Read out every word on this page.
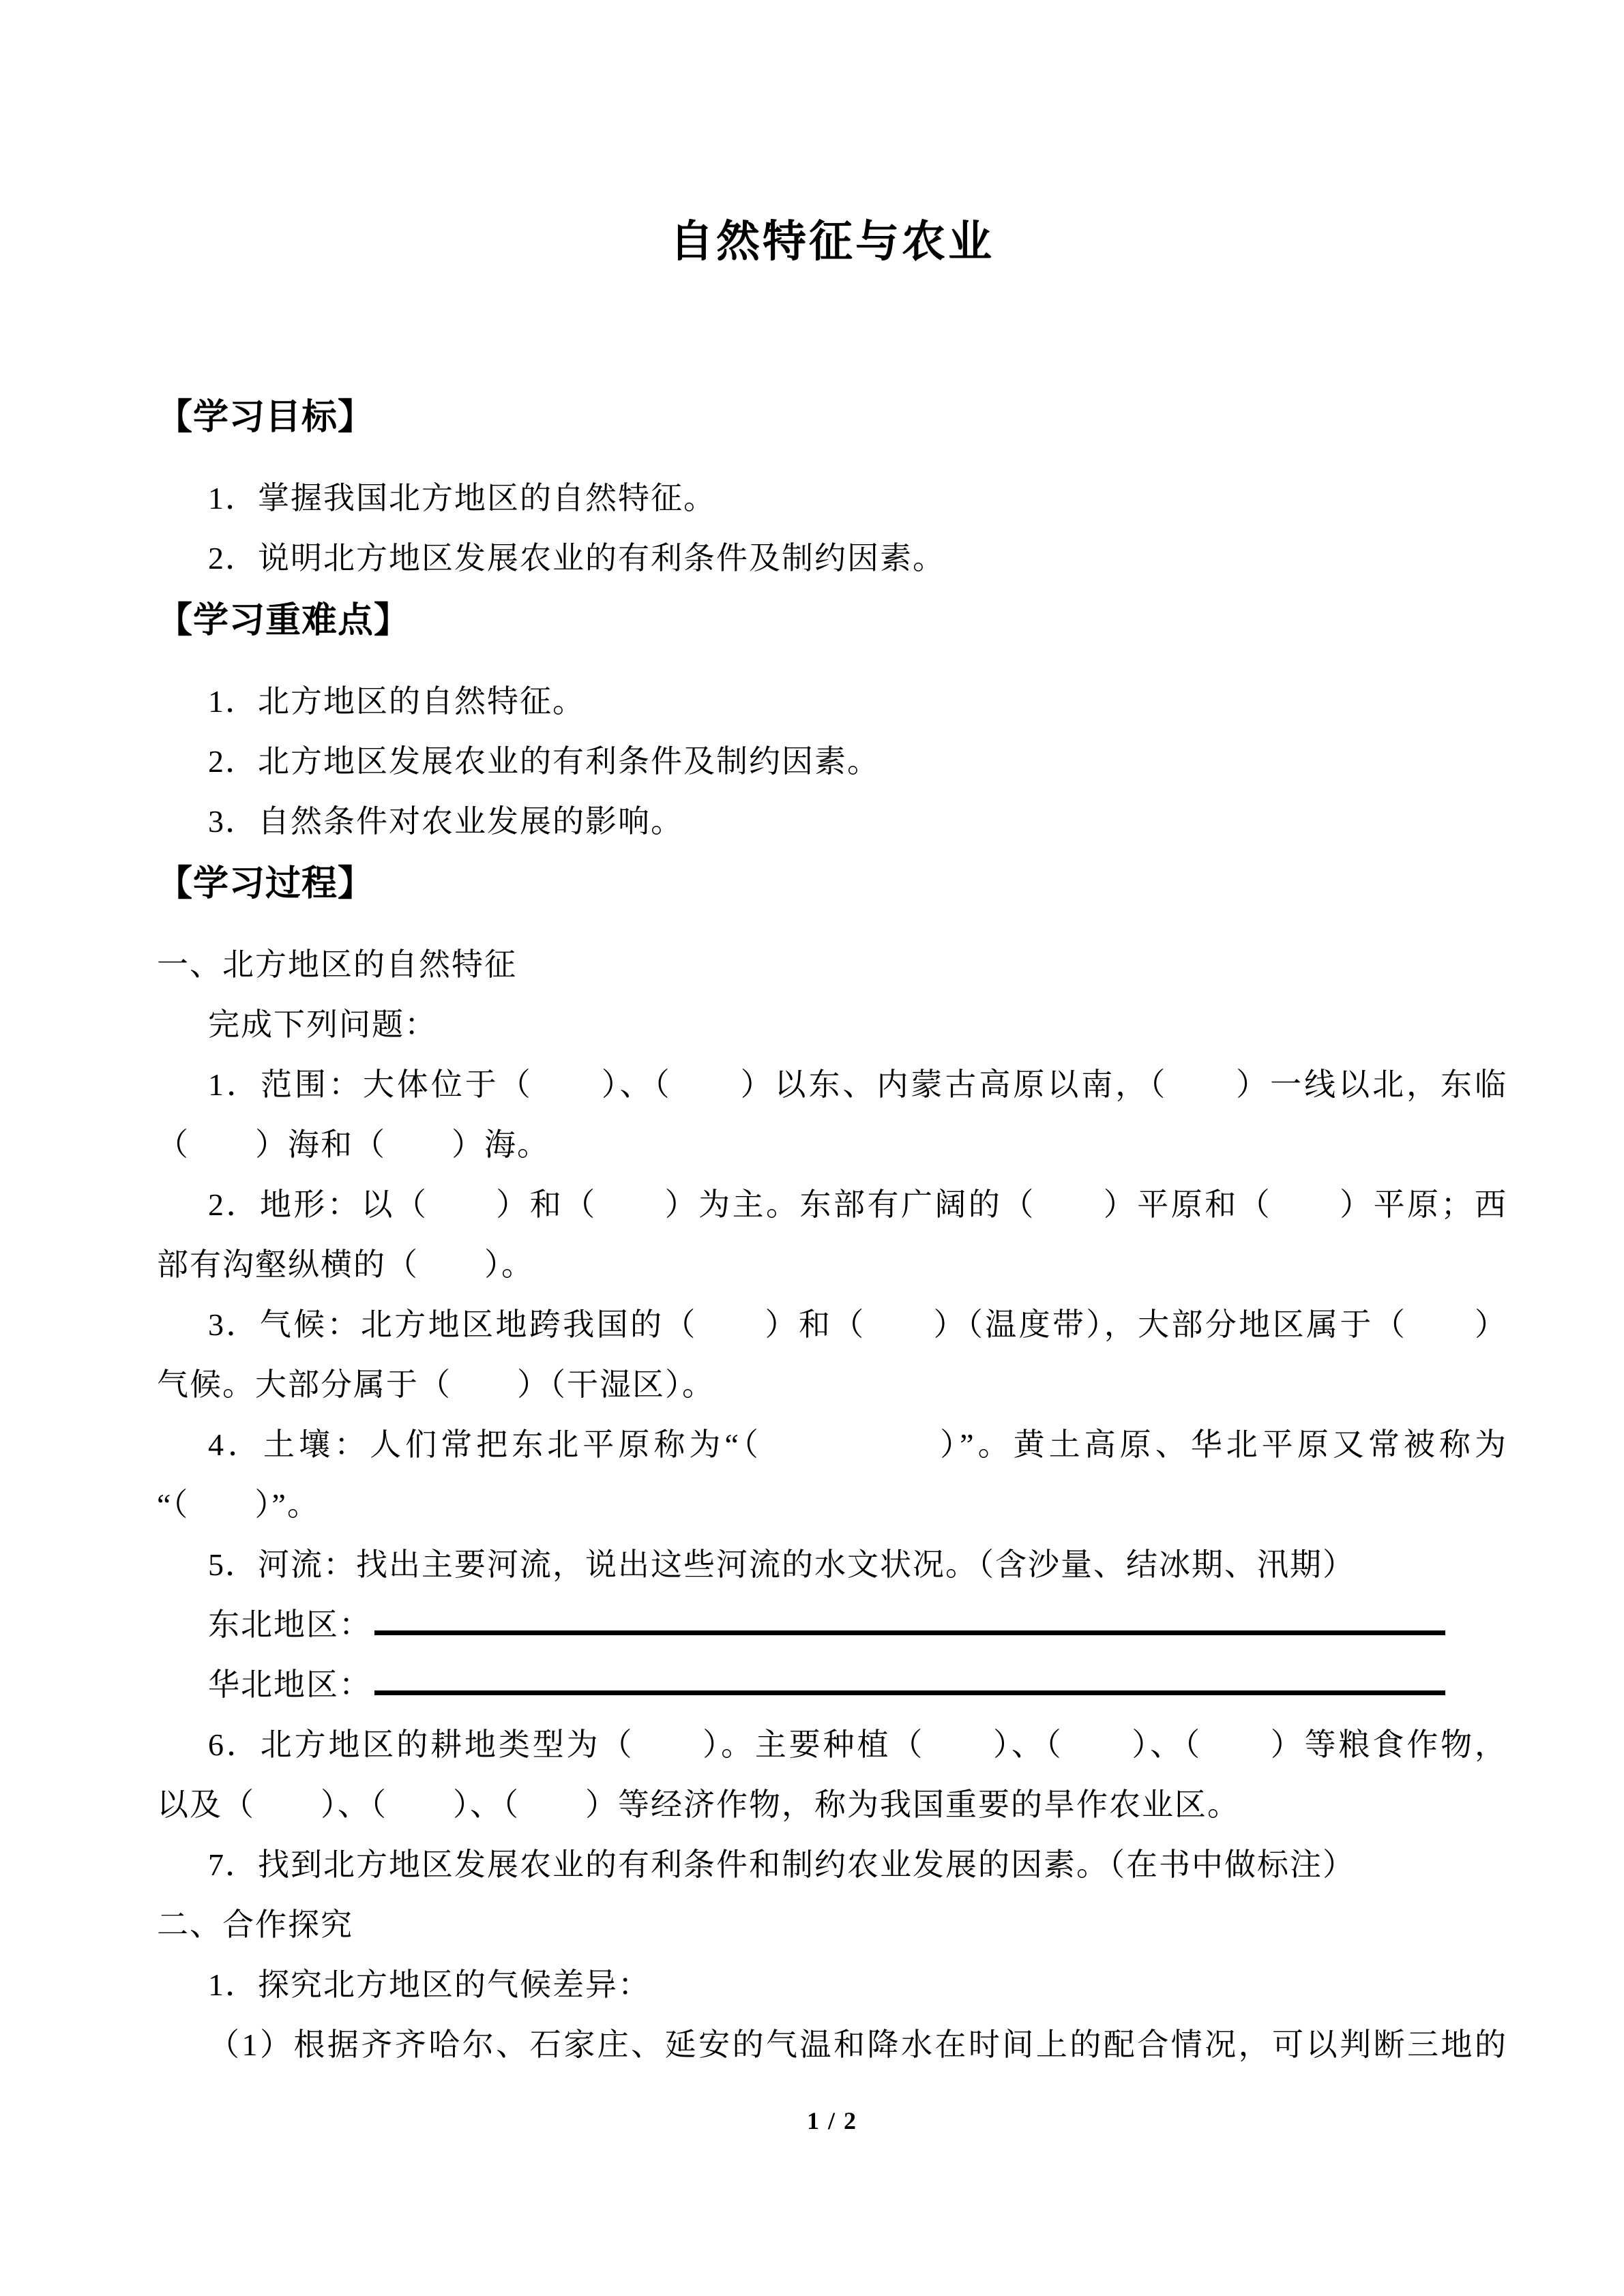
自然特征与农业
【学习目标】
1．掌握我国北方地区的自然特征。
2．说明北方地区发展农业的有利条件及制约因素。
【学习重难点】
1．北方地区的自然特征。
2．北方地区发展农业的有利条件及制约因素。
3．自然条件对农业发展的影响。
【学习过程】
一、北方地区的自然特征
完成下列问题：
1．范围：大体位于（　　）、（　　）以东、内蒙古高原以南，（　　）一线以北，东临
（　　）海和（　　）海。
2．地形：以（　　）和（　　）为主。东部有广阔的（　　）平原和（　　）平原；西
部有沟壑纵横的（　　）。
3．气候：北方地区地跨我国的（　　）和（　　）（温度带），大部分地区属于（　　）
气候。大部分属于（　　）（干湿区）。
4．土壤：人们常把东北平原称为“（　　　　　）”。黄土高原、华北平原又常被称为
“（　　）”。
5．河流：找出主要河流，说出这些河流的水文状况。（含沙量、结冰期、汛期）
东北地区：
华北地区：
6．北方地区的耕地类型为（　　）。主要种植（　　）、（　　）、（　　）等粮食作物，
以及（　　）、（　　）、（　　）等经济作物，称为我国重要的旱作农业区。
7．找到北方地区发展农业的有利条件和制约农业发展的因素。（在书中做标注）
二、合作探究
1．探究北方地区的气候差异：
（1）根据齐齐哈尔、石家庄、延安的气温和降水在时间上的配合情况，可以判断三地的
1 / 2
